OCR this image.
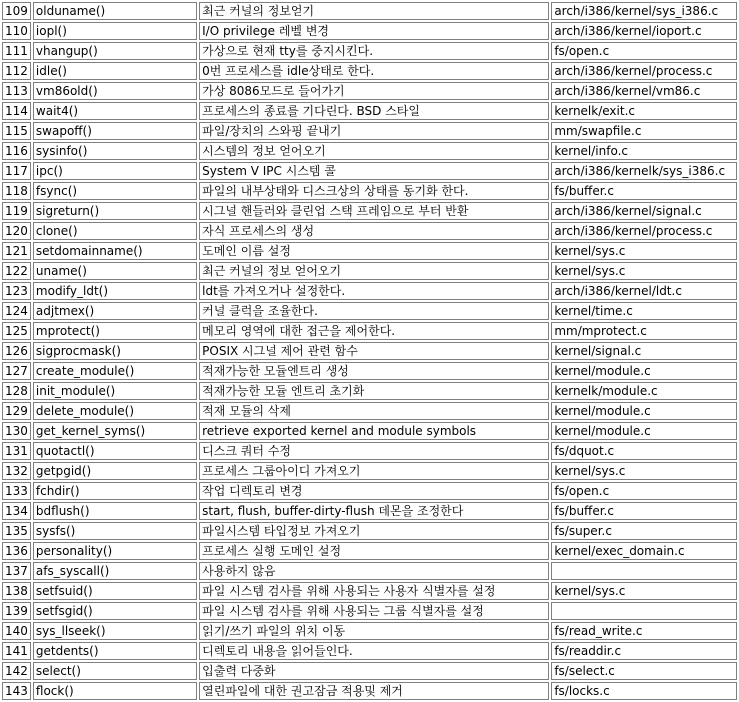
109	olduname()	최근 커널의 정보얻기	arch/i386/kernel/sys_i386.c
110	iopl()	I/O privilege 레벨 변경	arch/i386/kernel/ioport.c
111	vhangup()	가상으로 현재 tty를 중지시킨다.	fs/open.c
112	idle()	0번 프로세스를 idle상태로 한다.	arch/i386/kernel/process.c
113	vm86old()	가상 8086모드로 들어가기	arch/i386/kernel/vm86.c
114	wait4()	프로세스의 종료를 기다린다. BSD 스타일	kernelk/exit.c
115	swapoff()	파일/장치의 스와핑 끝내기	mm/swapfile.c
116	sysinfo()	시스템의 정보 얻어오기	kernel/info.c
117	ipc()	System V IPC 시스템 콜	arch/i386/kernelk/sys_i386.c
118	fsync()	파일의 내부상태와 디스크상의 상태를 동기화 한다.	fs/buffer.c
119	sigreturn()	시그널 핸들러와 클린업 스택 프레임으로 부터 반환	arch/i386/kernel/signal.c
120	clone()	자식 프로세스의 생성	arch/i386/kernel/process.c
121	setdomainname()	도메인 이름 설정	kernel/sys.c
122	uname()	최근 커널의 정보 얻어오기	kernel/sys.c
123	modify_ldt()	ldt를 가져오거나 설정한다.	arch/i386/kernel/ldt.c
124	adjtmex()	커널 클럭을 조율한다.	kernel/time.c
125	mprotect()	메모리 영역에 대한 접근을 제어한다.	mm/mprotect.c
126	sigprocmask()	POSIX 시그널 제어 관련 함수	kernel/signal.c
127	create_module()	적재가능한 모듈엔트리 생성	kernel/module.c
128	init_module()	적재가능한 모듈 엔트리 초기화	kernelk/module.c
129	delete_module()	적재 모듈의 삭제	kernel/module.c
130	get_kernel_syms()	retrieve exported kernel and module symbols	kernel/module.c
131	quotactl()	디스크 쿼터 수정	fs/dquot.c
132	getpgid()	프로세스 그룹아이디 가져오기	kernel/sys.c
133	fchdir()	작업 디렉토리 변경	fs/open.c
134	bdflush()	start, flush, buffer-dirty-flush 데몬을 조정한다	fs/buffer.c
135	sysfs()	파일시스템 타입정보 가져오기	fs/super.c
136	personality()	프로세스 실행 도메인 설정	kernel/exec_domain.c
137	afs_syscall()	사용하지 않음	
138	setfsuid()	파일 시스템 검사를 위해 사용되는 사용자 식별자를 설정	kernel/sys.c
139	setfsgid()	파일 시스템 검사를 위해 사용되는 그룹 식별자를 설정	
140	sys_llseek()	읽기/쓰기 파일의 위치 이동	fs/read_write.c
141	getdents()	디렉토리 내용을 읽어들인다.	fs/readdir.c
142	select()	입출력 다중화	fs/select.c
143	flock()	열린파일에 대한 권고잠금 적용및 제거	fs/locks.c
